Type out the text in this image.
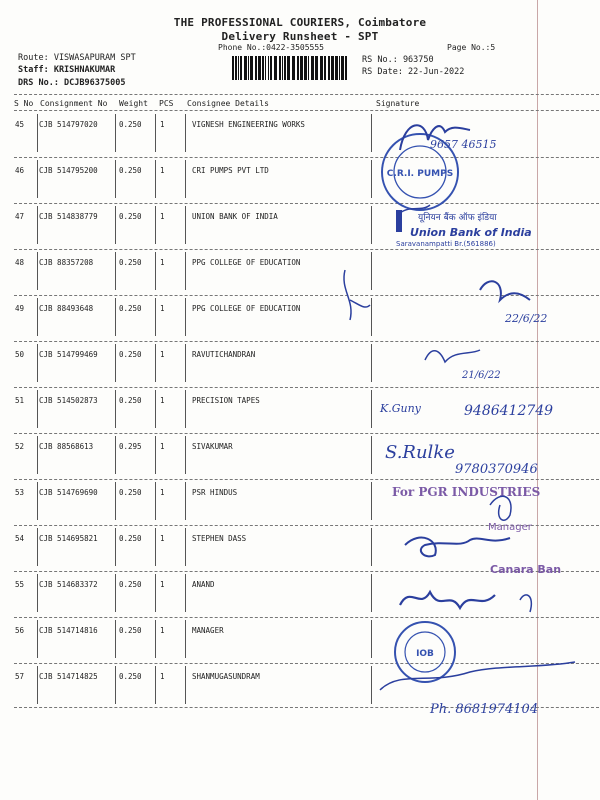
THE PROFESSIONAL COURIERS, Coimbatore
Delivery Runsheet - SPT
Phone No.:0422-3505555	Page No.:5
Route: VISWASAPURAM SPT
Staff: KRISHNAKUMAR
DRS No.: DCJB96375005
RS No.: 963750
RS Date: 22-Jun-2022
S No Consignment No Weight PCS Consignee Details	Signature
45 CJB 514797020	0.250 1	VIGNESH ENGINEERING WORKS
46 CJB 514795200	0.250 1	CRI PUMPS PVT LTD
47 CJB 514838779	0.250 1	UNION BANK OF INDIA
48 CJB 88357208	0.250 1	PPG COLLEGE OF EDUCATION
49 CJB 88493648	0.250 1	PPG COLLEGE OF EDUCATION
50 CJB 514799469	0.250 1	RAVUTICHANDRAN
51 CJB 514502873	0.250 1	PRECISION TAPES
52 CJB 88568613	0.295 1	SIVAKUMAR
53 CJB 514769690	0.250 1	PSR HINDUS
54 CJB 514695821	0.250 1	STEPHEN DASS
55 CJB 514683372	0.250 1	ANAND
56 CJB 514714816	0.250 1	MANAGER
57 CJB 514714825	0.250 1	SHANMUGASUNDRAM
C.R.I. PUMPS
9657 46515
यूनियन बैंक ऑफ इंडिया
Union Bank of India
Saravanampatti Br.(561886)
22/6/22
21/6/22
K.Guny	9486412749
S.Rulke
9780370946
For PGR INDUSTRIES
Manager
Canara Ban
IOB
Ph. 8681974104
